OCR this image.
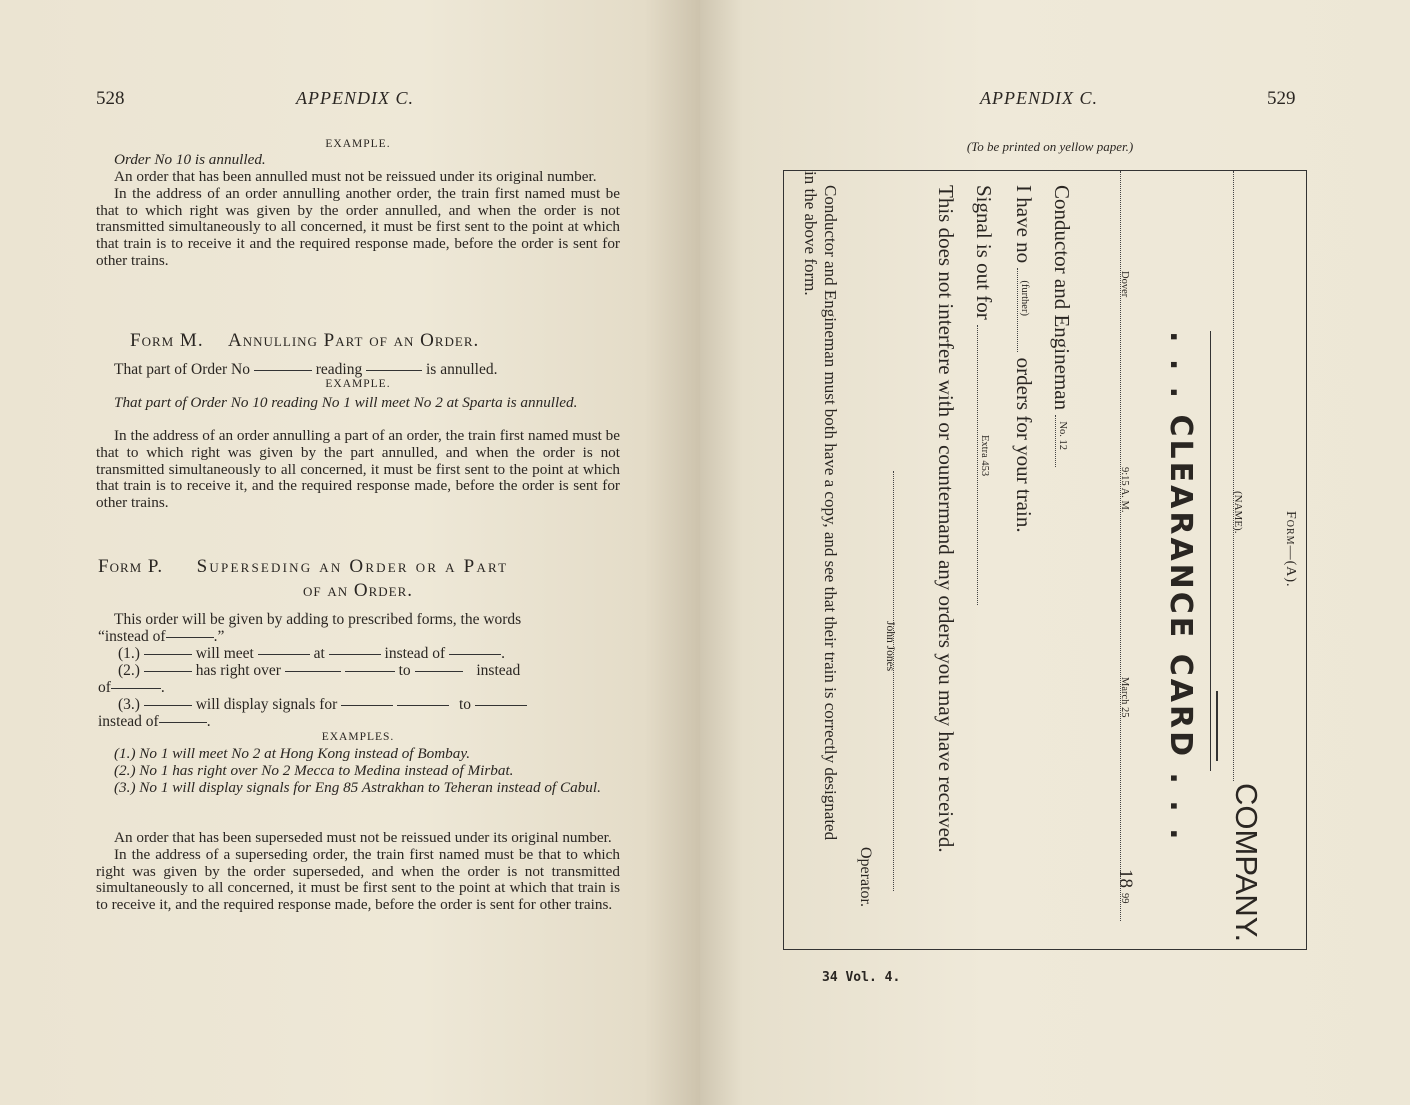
528	APPENDIX C.
EXAMPLE.
Order No 10 is annulled.

An order that has been annulled must not be reissued under its original number.

In the address of an order annulling another order, the train first named must be that to which right was given by the order annulled, and when the order is not transmitted simultaneously to all concerned, it must be first sent to the point at which that train is to receive it and the required response made, before the order is sent for other trains.

Form M. Annulling Part of an Order.
That part of Order No	reading	is annulled.
EXAMPLE.
That part of Order No 10 reading No 1 will meet No 2 at Sparta is annulled.

In the address of an order annulling a part of an order, the train first named must be that to which right was given by the part annulled, and when the order is not transmitted simultaneously to all concerned, it must be first sent to the point at which that train is to receive it, and the required response made, before the order is sent for other trains.

Form P. Superseding an Order or a Part
of an Order.
This order will be given by adding to prescribed forms, the words
“instead of	.”
(1.)	will meet	at	instead of	.
(2.)	has right over	to	instead
of	.
(3.)	will display signals for	to
instead of	.
EXAMPLES.

(1.) No 1 will meet No 2 at Hong Kong instead of Bombay.

(2.) No 1 has right over No 2 Mecca to Medina instead of Mirbat.

(3.) No 1 will display signals for Eng 85 Astrakhan to Teheran instead of Cabul.

An order that has been superseded must not be reissued under its original number.

In the address of a superseding order, the train first named must be that to which right was given by the order superseded, and when the order is not transmitted simultaneously to all concerned, it must be first sent to the point at which that train is to receive it, and the required response made, before the order is sent for other trains.

APPENDIX C.	529
(To be printed on yellow paper.)
Form—(A).
(NAME).
COMPANY.
. . . CLEARANCE CARD . . .
Dover
9:15 A. M.
March 25
18
99
Conductor and Engineman
No. 12
I have no
(further)
orders for your train.
Signal is out for
Extra 453
This does not interfere with or countermand any orders you may have received.
John Jones
Operator.
Conductor and Engineman must both have a copy, and see that their train is correctly designated
in the above form.
34 Vol. 4.
